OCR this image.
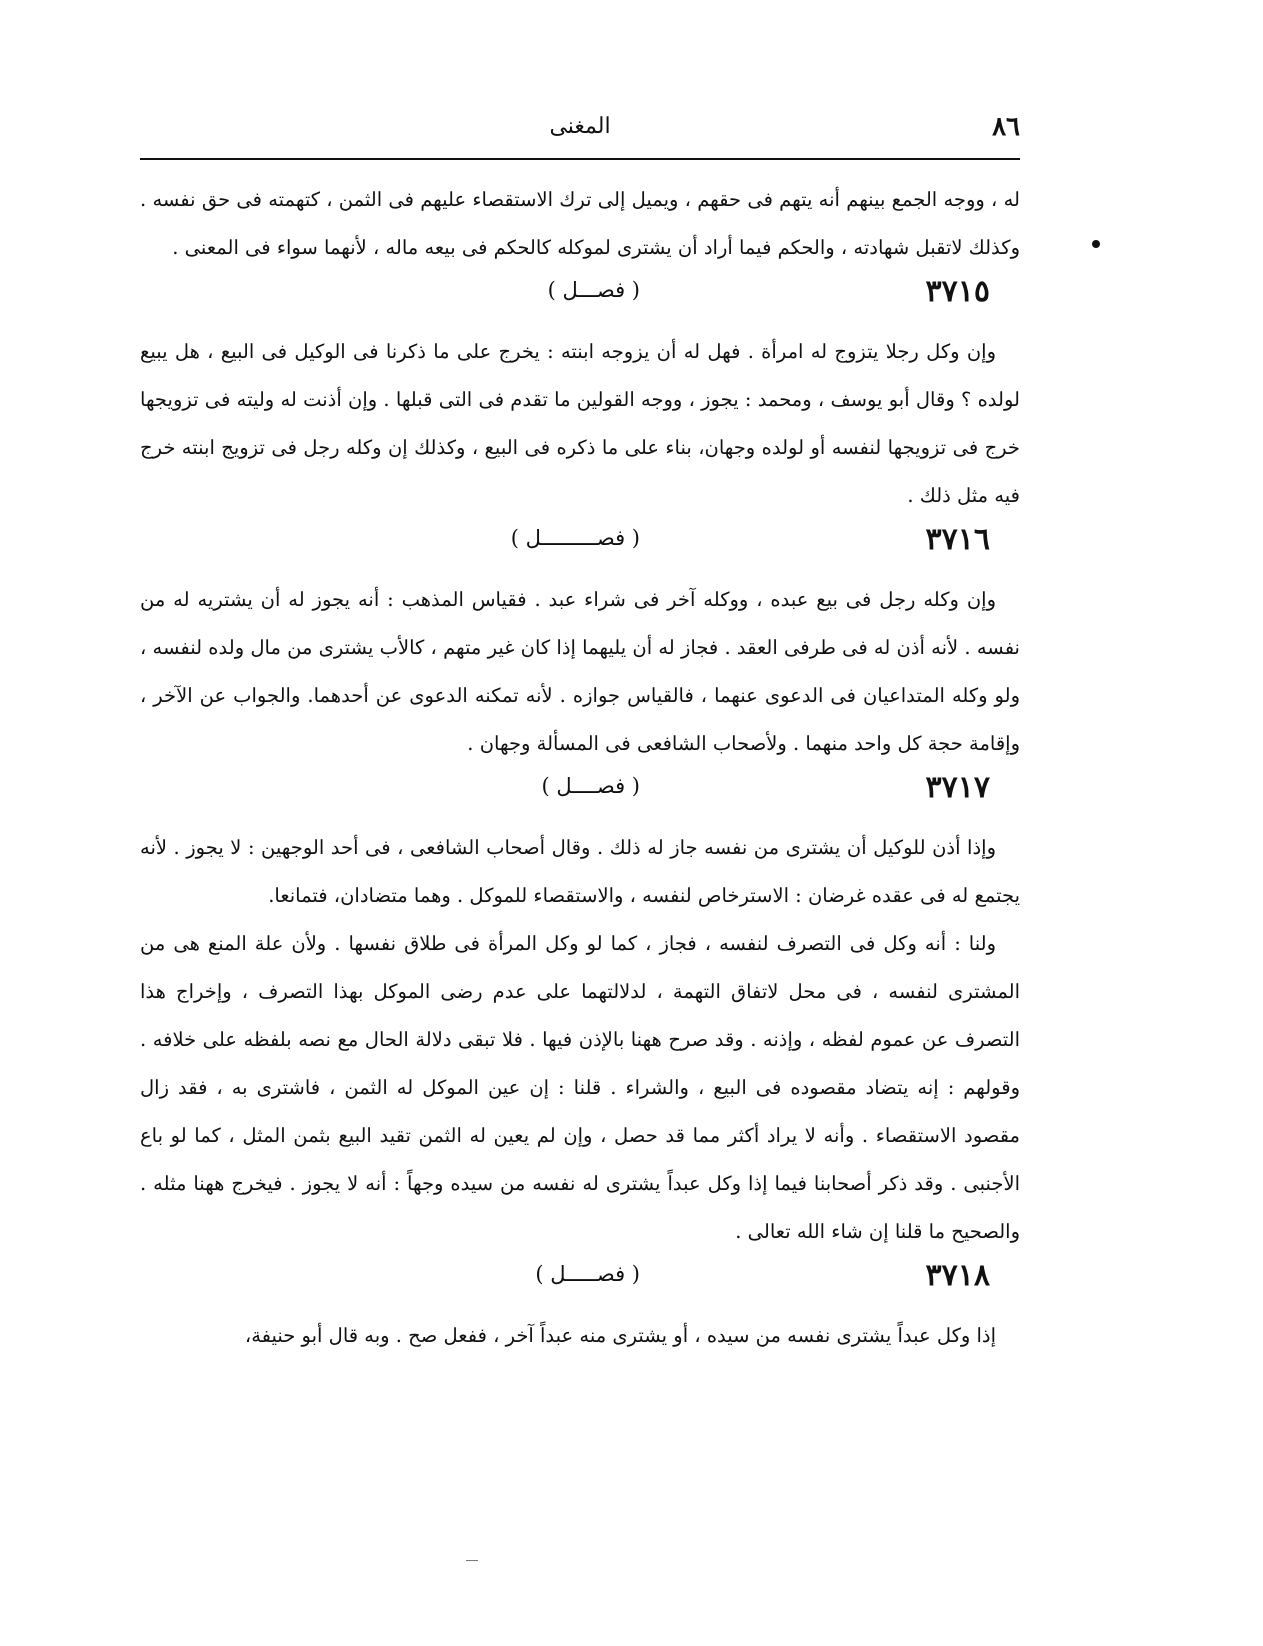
٨٦
المغنى

له ، ووجه الجمع بينهم أنه يتهم فى حقهم ، ويميل إلى ترك الاستقصاء عليهم فى الثمن ، كتهمته فى حق نفسه . وكذلك لاتقبل شهادته ، والحكم فيما أراد أن يشترى لموكله كالحكم فى بيعه ماله ، لأنهما سواء فى المعنى .

٣٧١٥
( فصـــل )

وإن وكل رجلا يتزوج له امرأة . فهل له أن يزوجه ابنته : يخرج على ما ذكرنا فى الوكيل فى البيع ، هل يبيع لولده ؟ وقال أبو يوسف ، ومحمد : يجوز ، ووجه القولين ما تقدم فى التى قبلها . وإن أذنت له وليته فى تزويجها خرج فى تزويجها لنفسه أو لولده وجهان، بناء على ما ذكره فى البيع ، وكذلك إن وكله رجل فى تزويج ابنته خرج فيه مثل ذلك .

٣٧١٦
( فصـــــــــل )

وإن وكله رجل فى بيع عبده ، ووكله آخر فى شراء عبد . فقياس المذهب : أنه يجوز له أن يشتريه له من نفسه . لأنه أذن له فى طرفى العقد . فجاز له أن يليهما إذا كان غير متهم ، كالأب يشترى من مال ولده لنفسه ، ولو وكله المتداعيان فى الدعوى عنهما ، فالقياس جوازه . لأنه تمكنه الدعوى عن أحدهما. والجواب عن الآخر ، وإقامة حجة كل واحد منهما . ولأصحاب الشافعى فى المسألة وجهان .

٣٧١٧
( فصــــل )

وإذا أذن للوكيل أن يشترى من نفسه جاز له ذلك . وقال أصحاب الشافعى ، فى أحد الوجهين : لا يجوز . لأنه يجتمع له فى عقده غرضان : الاسترخاص لنفسه ، والاستقصاء للموكل . وهما متضادان، فتمانعا.

ولنا : أنه وكل فى التصرف لنفسه ، فجاز ، كما لو وكل المرأة فى طلاق نفسها . ولأن علة المنع هى من المشترى لنفسه ، فى محل لاتفاق التهمة ، لدلالتهما على عدم رضى الموكل بهذا التصرف ، وإخراج هذا التصرف عن عموم لفظه ، وإذنه . وقد صرح ههنا بالإذن فيها . فلا تبقى دلالة الحال مع نصه بلفظه على خلافه . وقولهم : إنه يتضاد مقصوده فى البيع ، والشراء . قلنا : إن عين الموكل له الثمن ، فاشترى به ، فقد زال مقصود الاستقصاء . وأنه لا يراد أكثر مما قد حصل ، وإن لم يعين له الثمن تقيد البيع بثمن المثل ، كما لو باع الأجنبى . وقد ذكر أصحابنا فيما إذا وكل عبداً يشترى له نفسه من سيده وجهاً : أنه لا يجوز . فيخرج ههنا مثله . والصحيح ما قلنا إن شاء الله تعالى .

٣٧١٨
( فصـــــل )

إذا وكل عبداً يشترى نفسه من سيده ، أو يشترى منه عبداً آخر ، ففعل صح . وبه قال أبو حنيفة،
